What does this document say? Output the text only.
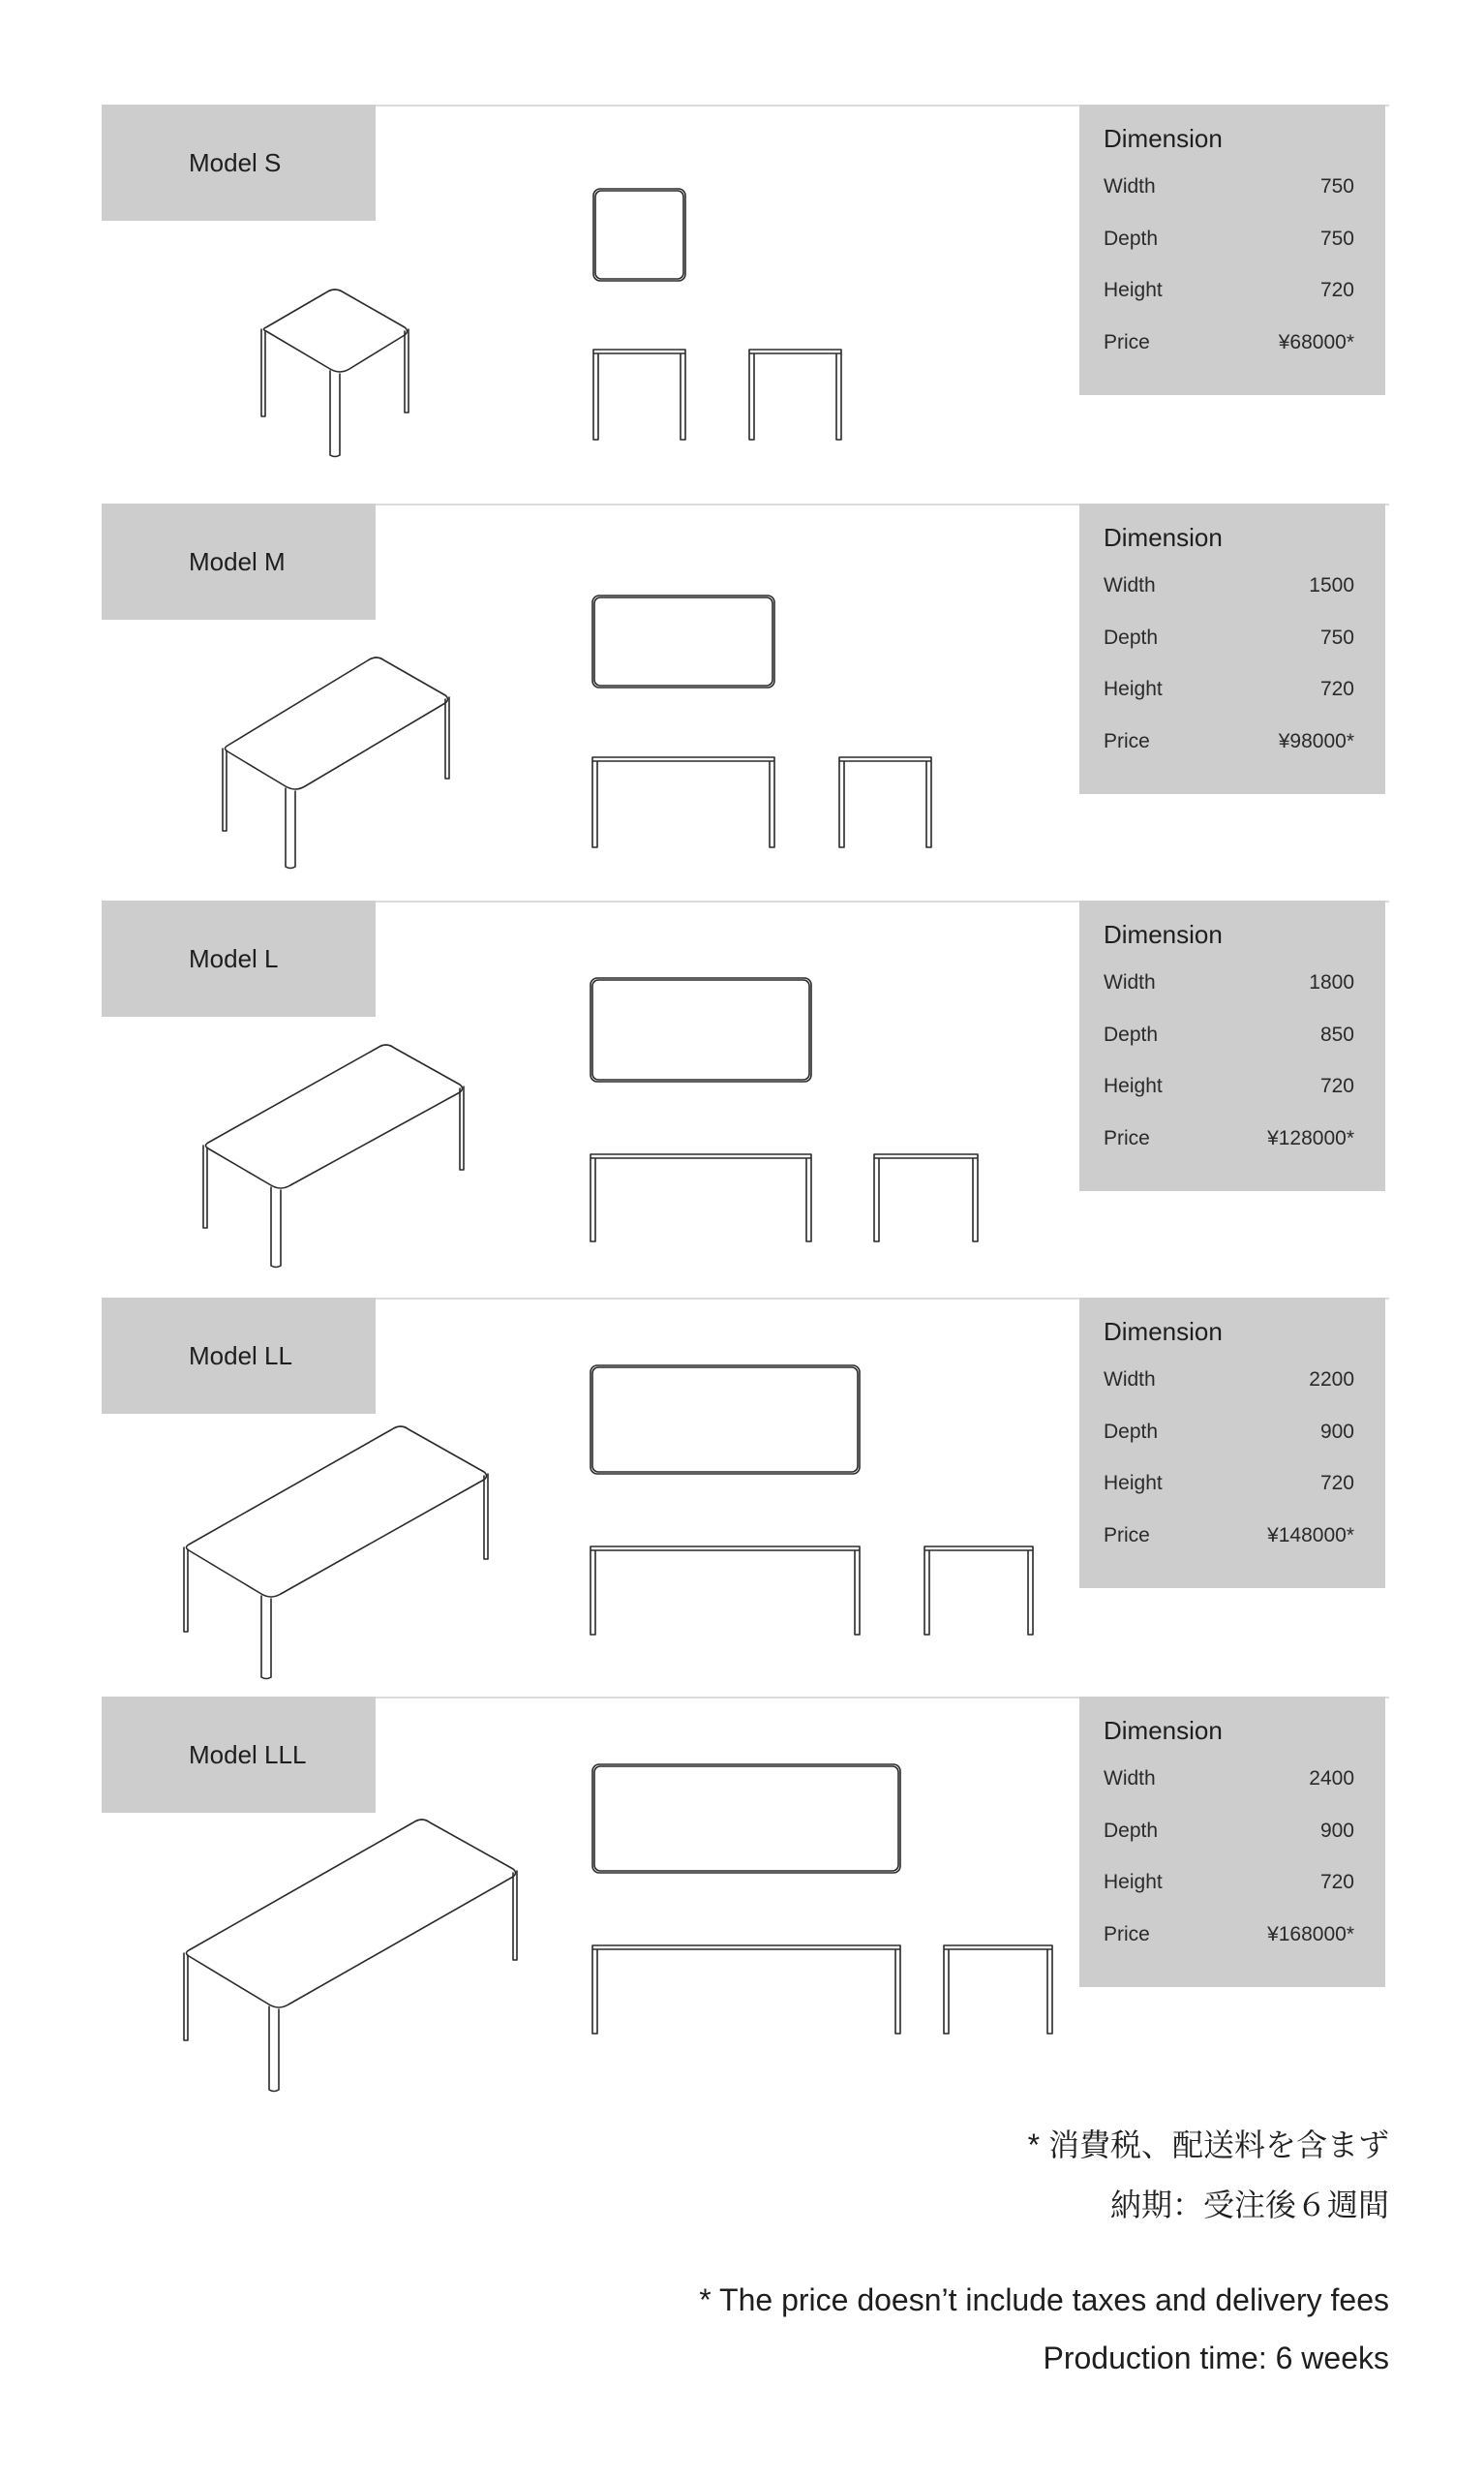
Model S
Dimension
Width	750
Depth	750
Height	720
Price	¥68000*
Model M
Dimension
Width	1500
Depth	750
Height	720
Price	¥98000*
Model L
Dimension
Width	1800
Depth	850
Height	720
Price	¥128000*
Model LL
Dimension
Width	2200
Depth	900
Height	720
Price	¥148000*
Model LLL
Dimension
Width	2400
Depth	900
Height	720
Price	¥168000*
* 消費税、配送料を含まず
納期：受注後６週間
* The price doesn’t include taxes and delivery fees
Production time: 6 weeks
